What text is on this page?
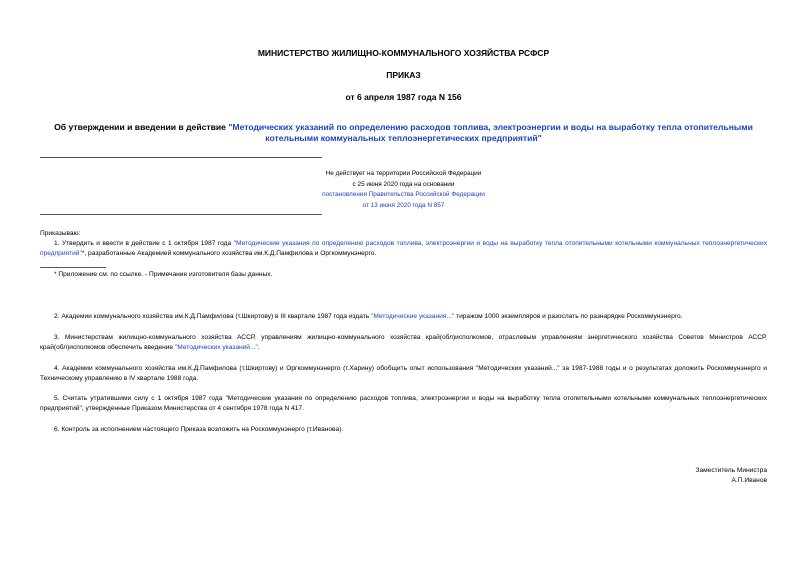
МИНИСТЕРСТВО ЖИЛИЩНО-КОММУНАЛЬНОГО ХОЗЯЙСТВА РСФСР
ПРИКАЗ
от 6 апреля 1987 года N 156
Об утверждении и введении в действие "Методических указаний по определению расходов топлива, электроэнергии и воды на выработку тепла отопительными котельными коммунальных теплоэнергетических предприятий"
Не действует на территории Российской Федерации
с 25 июня 2020 года на основании
постановления Правительства Российской Федерации
от 13 июня 2020 года N 857
Приказываю:
1. Утвердить и ввести в действие с 1 октября 1987 года "Методические указания по определению расходов топлива, электроэнергии и воды на выработку тепла отопительными котельными коммунальных теплоэнергетических предприятий"*, разработанные Академией коммунального хозяйства им.К.Д.Памфилова и Оргкоммунэнерго.
* Приложение см. по ссылке. - Примечание изготовителя базы данных.
2. Академии коммунального хозяйства им.К.Д.Памфилова (т.Шкиртову) в III квартале 1987 года издать "Методические указания..." тиражом 1000 экземпляров и разослать по разнарядке Роскоммунэнерго.
3. Министерствам жилищно-коммунального хозяйства АССР, управлениям жилищно-коммунального хозяйства край(обл)исполкомов, отраслевым управлениям энергетического хозяйства Советов Министров АССР, край(обл)исполкомов обеспечить введение "Методических указаний...".
4. Академии коммунального хозяйства им.К.Д.Памфилова (т.Шкиртову) и Оргкоммунэнерго (т.Харину) обобщить опыт использования "Методических указаний..." за 1987-1988 годы и о результатах доложить Роскоммунэнерго и Техническому управлению в IV квартале 1988 года.
5. Считать утратившими силу с 1 октября 1987 года "Методические указания по определению расходов топлива, электроэнергии и воды на выработку тепла отопительными котельными коммунальных теплоэнергетических предприятий", утвержденные Приказом Министерства от 4 сентября 1978 года N 417.
6. Контроль за исполнением настоящего Приказа возложить на Роскоммунэнерго (т.Иванова).
Заместитель Министра
А.П.Иванов
